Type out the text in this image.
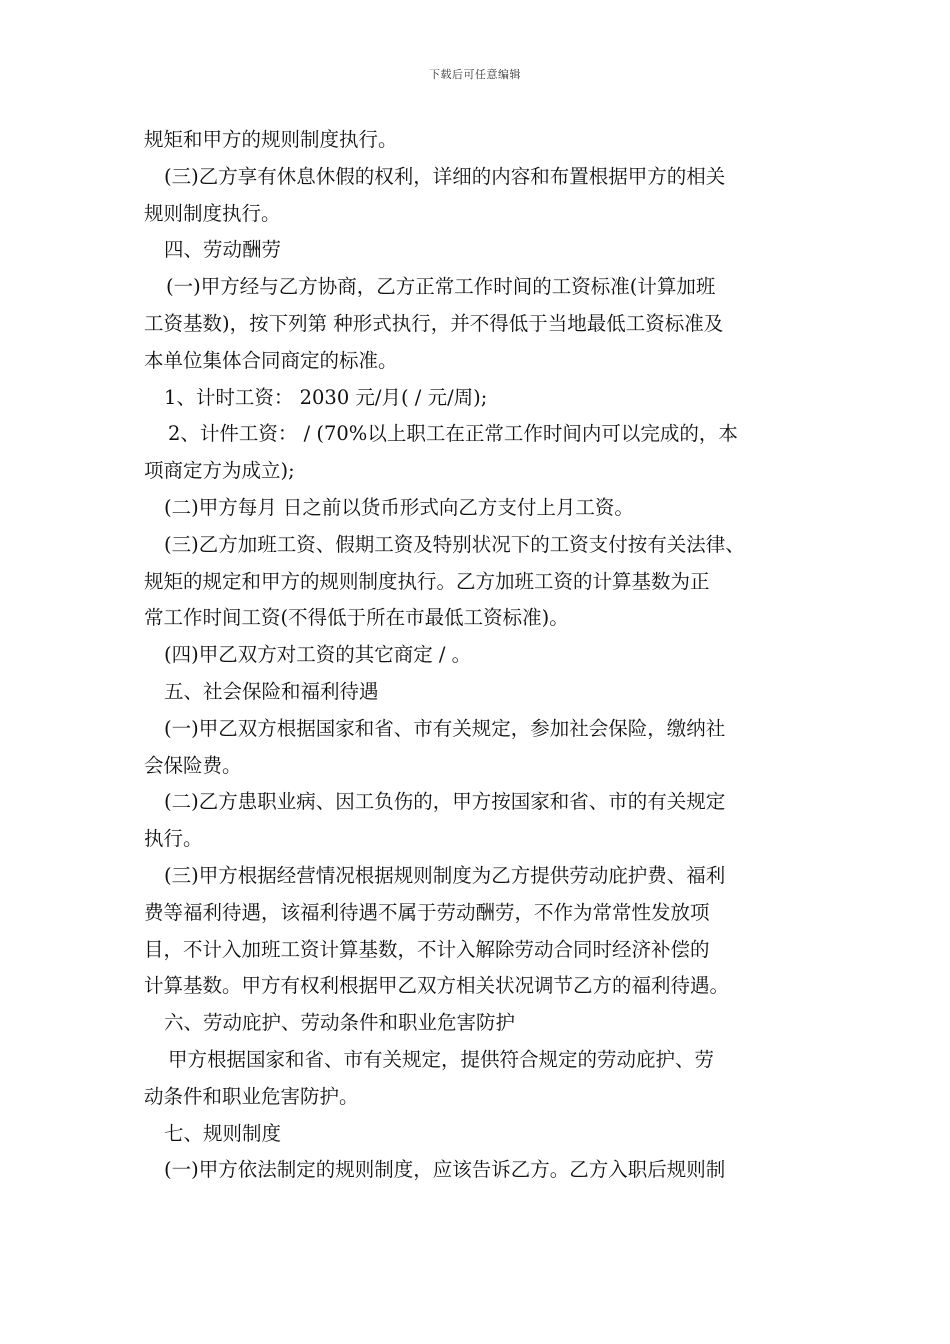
下载后可任意编辑
规矩和甲方的规则制度执行。
(三)乙方享有休息休假的权利，详细的内容和布置根据甲方的相关
规则制度执行。
四、劳动酬劳
(一)甲方经与乙方协商，乙方正常工作时间的工资标准(计算加班
工资基数)，按下列第 种形式执行，并不得低于当地最低工资标准及
本单位集体合同商定的标准。
1、计时工资： 2030 元/月( / 元/周);
2、计件工资： / (70%以上职工在正常工作时间内可以完成的，本
项商定方为成立);
(二)甲方每月 日之前以货币形式向乙方支付上月工资。
(三)乙方加班工资、假期工资及特别状况下的工资支付按有关法律、
规矩的规定和甲方的规则制度执行。乙方加班工资的计算基数为正
常工作时间工资(不得低于所在市最低工资标准)。
(四)甲乙双方对工资的其它商定 / 。
五、社会保险和福利待遇
(一)甲乙双方根据国家和省、市有关规定，参加社会保险，缴纳社
会保险费。
(二)乙方患职业病、因工负伤的，甲方按国家和省、市的有关规定
执行。
(三)甲方根据经营情况根据规则制度为乙方提供劳动庇护费、福利
费等福利待遇，该福利待遇不属于劳动酬劳，不作为常常性发放项
目，不计入加班工资计算基数，不计入解除劳动合同时经济补偿的
计算基数。甲方有权利根据甲乙双方相关状况调节乙方的福利待遇。
六、劳动庇护、劳动条件和职业危害防护
甲方根据国家和省、市有关规定，提供符合规定的劳动庇护、劳
动条件和职业危害防护。
七、规则制度
(一)甲方依法制定的规则制度，应该告诉乙方。乙方入职后规则制
